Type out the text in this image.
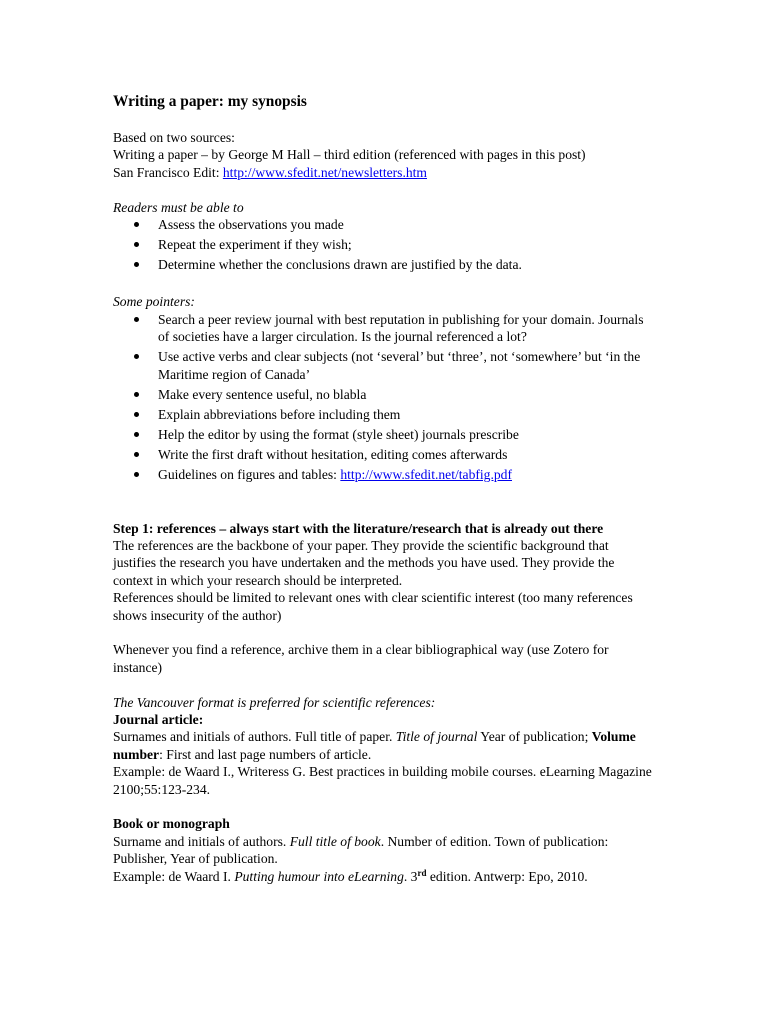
Writing a paper: my synopsis

Based on two sources:

Writing a paper – by George M Hall – third edition (referenced with pages in this post)

San Francisco Edit: http://www.sfedit.net/newsletters.htm

Readers must be able to

Assess the observations you made
Repeat the experiment if they wish;
Determine whether the conclusions drawn are justified by the data.

Some pointers:

Search a peer review journal with best reputation in publishing for your domain. Journals of societies have a larger circulation. Is the journal referenced a lot?
Use active verbs and clear subjects (not ‘several’ but ‘three’, not ‘somewhere’ but ‘in the Maritime region of Canada’
Make every sentence useful, no blabla
Explain abbreviations before including them
Help the editor by using the format (style sheet) journals prescribe
Write the first draft without hesitation, editing comes afterwards
Guidelines on figures and tables: http://www.sfedit.net/tabfig.pdf

Step 1: references – always start with the literature/research that is already out there

The references are the backbone of your paper. They provide the scientific background that justifies the research you have undertaken and the methods you have used. They provide the context in which your research should be interpreted.

References should be limited to relevant ones with clear scientific interest (too many references shows insecurity of the author)

Whenever you find a reference, archive them in a clear bibliographical way (use Zotero for instance)

The Vancouver format is preferred for scientific references:

Journal article:

Surnames and initials of authors. Full title of paper. Title of journal Year of publication; Volume number: First and last page numbers of article.

Example: de Waard I., Writeress G. Best practices in building mobile courses. eLearning Magazine 2100;55:123-234.

Book or monograph

Surname and initials of authors. Full title of book. Number of edition. Town of publication: Publisher, Year of publication.

Example: de Waard I. Putting humour into eLearning. 3rd edition. Antwerp: Epo, 2010.
